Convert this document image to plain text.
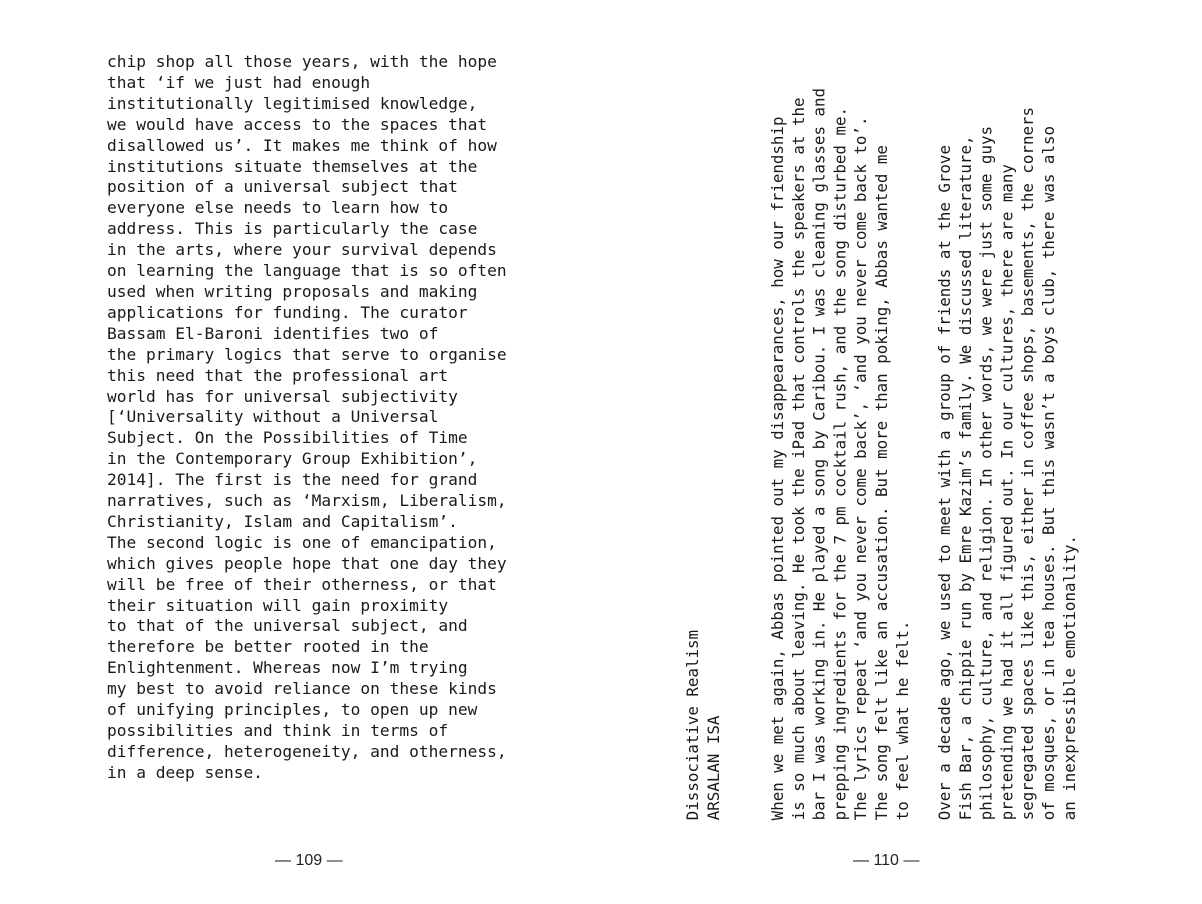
chip shop all those years, with the hope
that ‘if we just had enough
institutionally legitimised knowledge,
we would have access to the spaces that
disallowed us’. It makes me think of how
institutions situate themselves at the
position of a universal subject that
everyone else needs to learn how to
address. This is particularly the case
in the arts, where your survival depends
on learning the language that is so often
used when writing proposals and making
applications for funding. The curator
Bassam El-Baroni identifies two of
the primary logics that serve to organise
this need that the professional art
world has for universal subjectivity
[‘Universality without a Universal
Subject. On the Possibilities of Time
in the Contemporary Group Exhibition’,
2014]. The first is the need for grand
narratives, such as ‘Marxism, Liberalism,
Christianity, Islam and Capitalism’.
The second logic is one of emancipation,
which gives people hope that one day they
will be free of their otherness, or that
their situation will gain proximity
to that of the universal subject, and
therefore be better rooted in the
Enlightenment. Whereas now I’m trying
my best to avoid reliance on these kinds
of unifying principles, to open up new
possibilities and think in terms of
difference, heterogeneity, and otherness,
in a deep sense.
— 109 —
Dissociative Realism
ARSALAN ISA	When we met again, Abbas pointed out my disappearances, how our friendship
is so much about leaving. He took the iPad that controls the speakers at the
bar I was working in. He played a song by Caribou. I was cleaning glasses and
prepping ingredients for the 7 pm cocktail rush, and the song disturbed me.
The lyrics repeat ‘and you never come back’, ‘and you never come back to’.
The song felt like an accusation. But more than poking, Abbas wanted me
to feel what he felt. Over a decade ago, we used to meet with a group of friends at the Grove
Fish Bar, a chippie run by Emre Kazim’s family. We discussed literature,
philosophy, culture, and religion. In other words, we were just some guys
pretending we had it all figured out. In our cultures, there are many
segregated spaces like this, either in coffee shops, basements, the corners
of mosques, or in tea houses. But this wasn’t a boys club, there was also
an inexpressible emotionality.
— 110 —
